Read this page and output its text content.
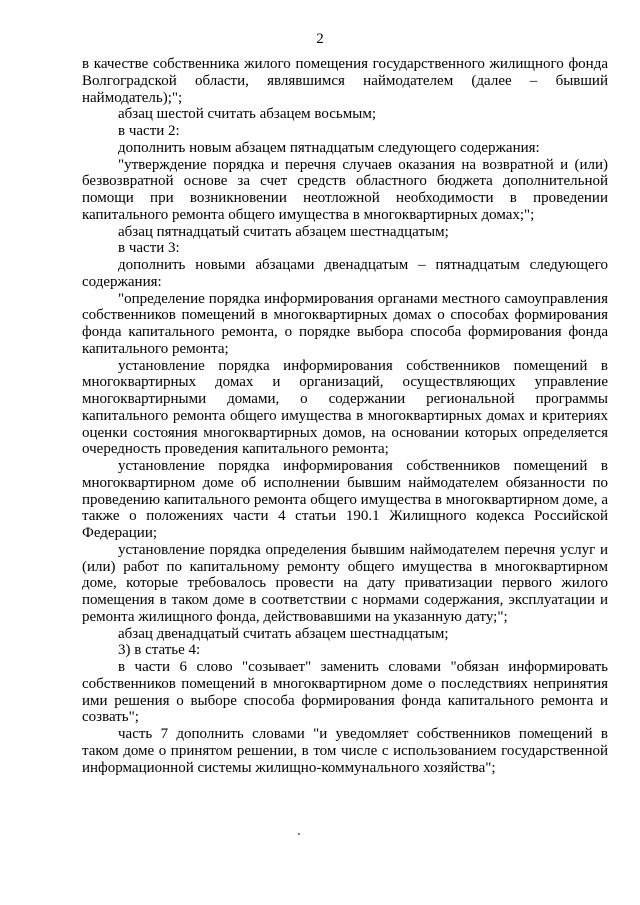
2

в качестве собственника жилого помещения государственного жилищного фонда Волгоградской области, являвшимся наймодателем (далее – бывший наймодатель);";

абзац шестой считать абзацем восьмым;

в части 2:

дополнить новым абзацем пятнадцатым следующего содержания:

"утверждение порядка и перечня случаев оказания на возвратной и (или) безвозвратной основе за счет средств областного бюджета дополнительной помощи при возникновении неотложной необходимости в проведении капитального ремонта общего имущества в многоквартирных домах;";

абзац пятнадцатый считать абзацем шестнадцатым;

в части 3:

дополнить новыми абзацами двенадцатым – пятнадцатым следующего содержания:

"определение порядка информирования органами местного самоуправления собственников помещений в многоквартирных домах о способах формирования фонда капитального ремонта, о порядке выбора способа формирования фонда капитального ремонта;

установление порядка информирования собственников помещений в многоквартирных домах и организаций, осуществляющих управление многоквартирными домами, о содержании региональной программы капитального ремонта общего имущества в многоквартирных домах и критериях оценки состояния многоквартирных домов, на основании которых определяется очередность проведения капитального ремонта;

установление порядка информирования собственников помещений в многоквартирном доме об исполнении бывшим наймодателем обязанности по проведению капитального ремонта общего имущества в многоквартирном доме, а также о положениях части 4 статьи 190.1 Жилищного кодекса Российской Федерации;

установление порядка определения бывшим наймодателем перечня услуг и (или) работ по капитальному ремонту общего имущества в многоквартирном доме, которые требовалось провести на дату приватизации первого жилого помещения в таком доме в соответствии с нормами содержания, эксплуатации и ремонта жилищного фонда, действовавшими на указанную дату;";

абзац двенадцатый считать абзацем шестнадцатым;

3) в статье 4:

в части 6 слово "созывает" заменить словами "обязан информировать собственников помещений в многоквартирном доме о последствиях непринятия ими решения о выборе способа формирования фонда капитального ремонта и созвать";

часть 7 дополнить словами "и уведомляет собственников помещений в таком доме о принятом решении, в том числе с использованием государственной информационной системы жилищно-коммунального хозяйства";
